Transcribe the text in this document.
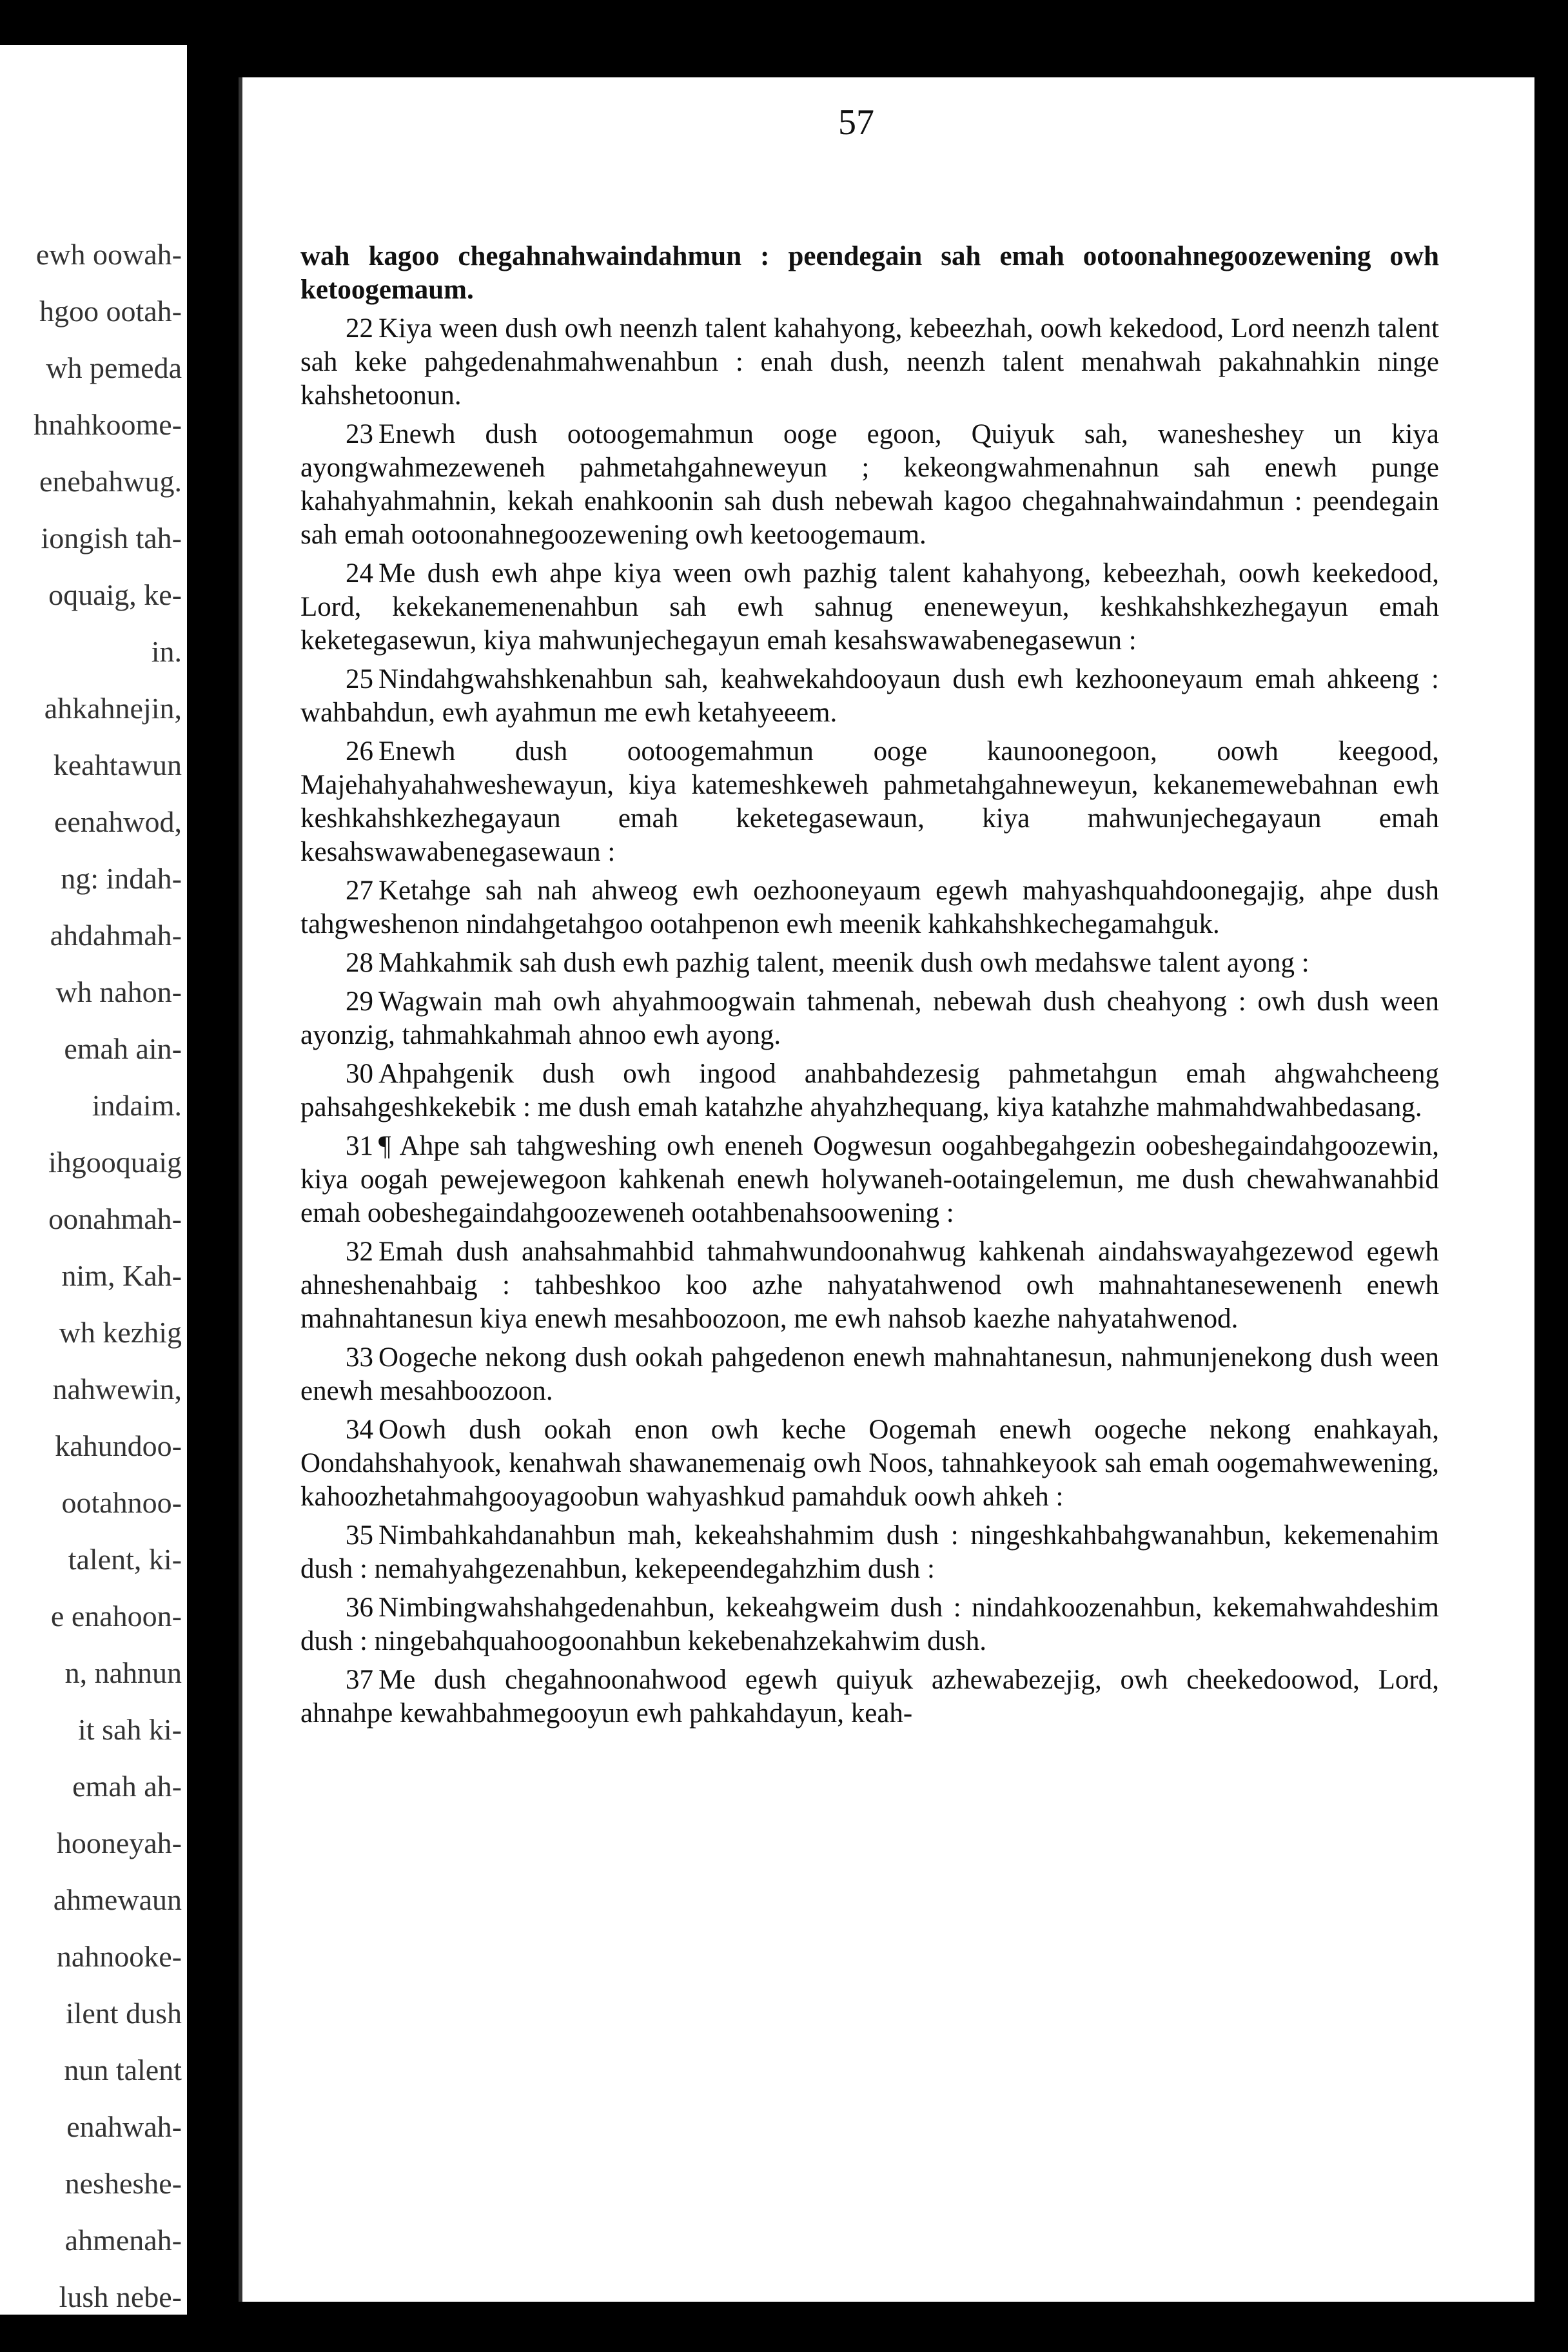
ewh oowah-
hgoo ootah-
wh pemeda
hnahkoome-
enebahwug.
iongish tah-
oquaig, ke-
in.
ahkahnejin,
keahtawun
eenahwod,
ng: indah-
ahdahmah-
wh nahon-
emah ain-
indaim.
ihgooquaig
oonahmah-
nim, Kah-
wh kezhig
nahwewin,
kahundoo-
ootahnoo-
talent, ki-
e enahoon-
n, nahnun
it sah ki-
emah ah-
hooneyah-
ahmewaun
nahnooke-
ilent dush
nun talent
enahwah-
nesheshe-
ahmenah-
lush nebe-
57

wah kagoo chegahnahwaindahmun : peendegain sah emah ootoonahnegoozewening owh ketoogemaum.

22 Kiya ween dush owh neenzh talent kahahyong, kebeezhah, oowh kekedood, Lord neenzh talent sah keke pahgedenahmahwenahbun : enah dush, neenzh talent menahwah pakahnahkin ninge kahshetoonun.

23 Enewh dush ootoogemahmun ooge egoon, Quiyuk sah, wanesheshey un kiya ayongwahmezeweneh pahmetahgahneweyun ; kekeongwahmenahnun sah enewh punge kahahyahmahnin, kekah enahkoonin sah dush nebewah kagoo chegahnahwaindahmun : peendegain sah emah ootoonahnegoozewening owh keetoogemaum.

24 Me dush ewh ahpe kiya ween owh pazhig talent kahahyong, kebeezhah, oowh keekedood, Lord, kekekanemenenahbun sah ewh sahnug eneneweyun, keshkahshkezhegayun emah keketegasewun, kiya mahwunjechegayun emah kesahswawabenegasewun :

25 Nindahgwahshkenahbun sah, keahwekahdooyaun dush ewh kezhooneyaum emah ahkeeng : wahbahdun, ewh ayahmun me ewh ketahyeeem.

26 Enewh dush ootoogemahmun ooge kaunoonegoon, oowh keegood, Majehahyahahweshewayun, kiya katemeshkeweh pahmetahgahneweyun, kekanemewebahnan ewh keshkahshkezhegayaun emah keketegasewaun, kiya mahwunjechegayaun emah kesahswawabenegasewaun :

27 Ketahge sah nah ahweog ewh oezhooneyaum egewh mahyashquahdoonegajig, ahpe dush tahgweshenon nindahgetahgoo ootahpenon ewh meenik kahkahshkechegamahguk.

28 Mahkahmik sah dush ewh pazhig talent, meenik dush owh medahswe talent ayong :

29 Wagwain mah owh ahyahmoogwain tahmenah, nebewah dush cheahyong : owh dush ween ayonzig, tahmahkahmah ahnoo ewh ayong.

30 Ahpahgenik dush owh ingood anahbahdezesig pahmetahgun emah ahgwahcheeng pahsahgeshkekebik : me dush emah katahzhe ahyahzhequang, kiya katahzhe mahmahdwahbedasang.

31 ¶ Ahpe sah tahgweshing owh eneneh Oogwesun oogahbegahgezin oobeshegaindahgoozewin, kiya oogah pewejewegoon kahkenah enewh holywaneh-ootaingelemun, me dush chewahwanahbid emah oobeshegaindahgoozeweneh ootahbenahsoowening :

32 Emah dush anahsahmahbid tahmahwundoonahwug kahkenah aindahswayahgezewod egewh ahneshenahbaig : tahbeshkoo koo azhe nahyatahwenod owh mahnahtanesewenenh enewh mahnahtanesun kiya enewh mesahboozoon, me ewh nahsob kaezhe nahyatahwenod.

33 Oogeche nekong dush ookah pahgedenon enewh mahnahtanesun, nahmunjenekong dush ween enewh mesahboozoon.

34 Oowh dush ookah enon owh keche Oogemah enewh oogeche nekong enahkayah, Oondahshahyook, kenahwah shawanemenaig owh Noos, tahnahkeyook sah emah oogemahwewening, kahoozhetahmahgooyagoobun wahyashkud pamahduk oowh ahkeh :

35 Nimbahkahdanahbun mah, kekeahshahmim dush : ningeshkahbahgwanahbun, kekemenahim dush : nemahyahgezenahbun, kekepeendegahzhim dush :

36 Nimbingwahshahgedenahbun, kekeahgweim dush : nindahkoozenahbun, kekemahwahdeshim dush : ningebahquahoogoonahbun kekebenahzekahwim dush.

37 Me dush chegahnoonahwood egewh quiyuk azhewabezejig, owh cheekedoowod, Lord, ahnahpe kewahbahmegooyun ewh pahkahdayun, keah-
